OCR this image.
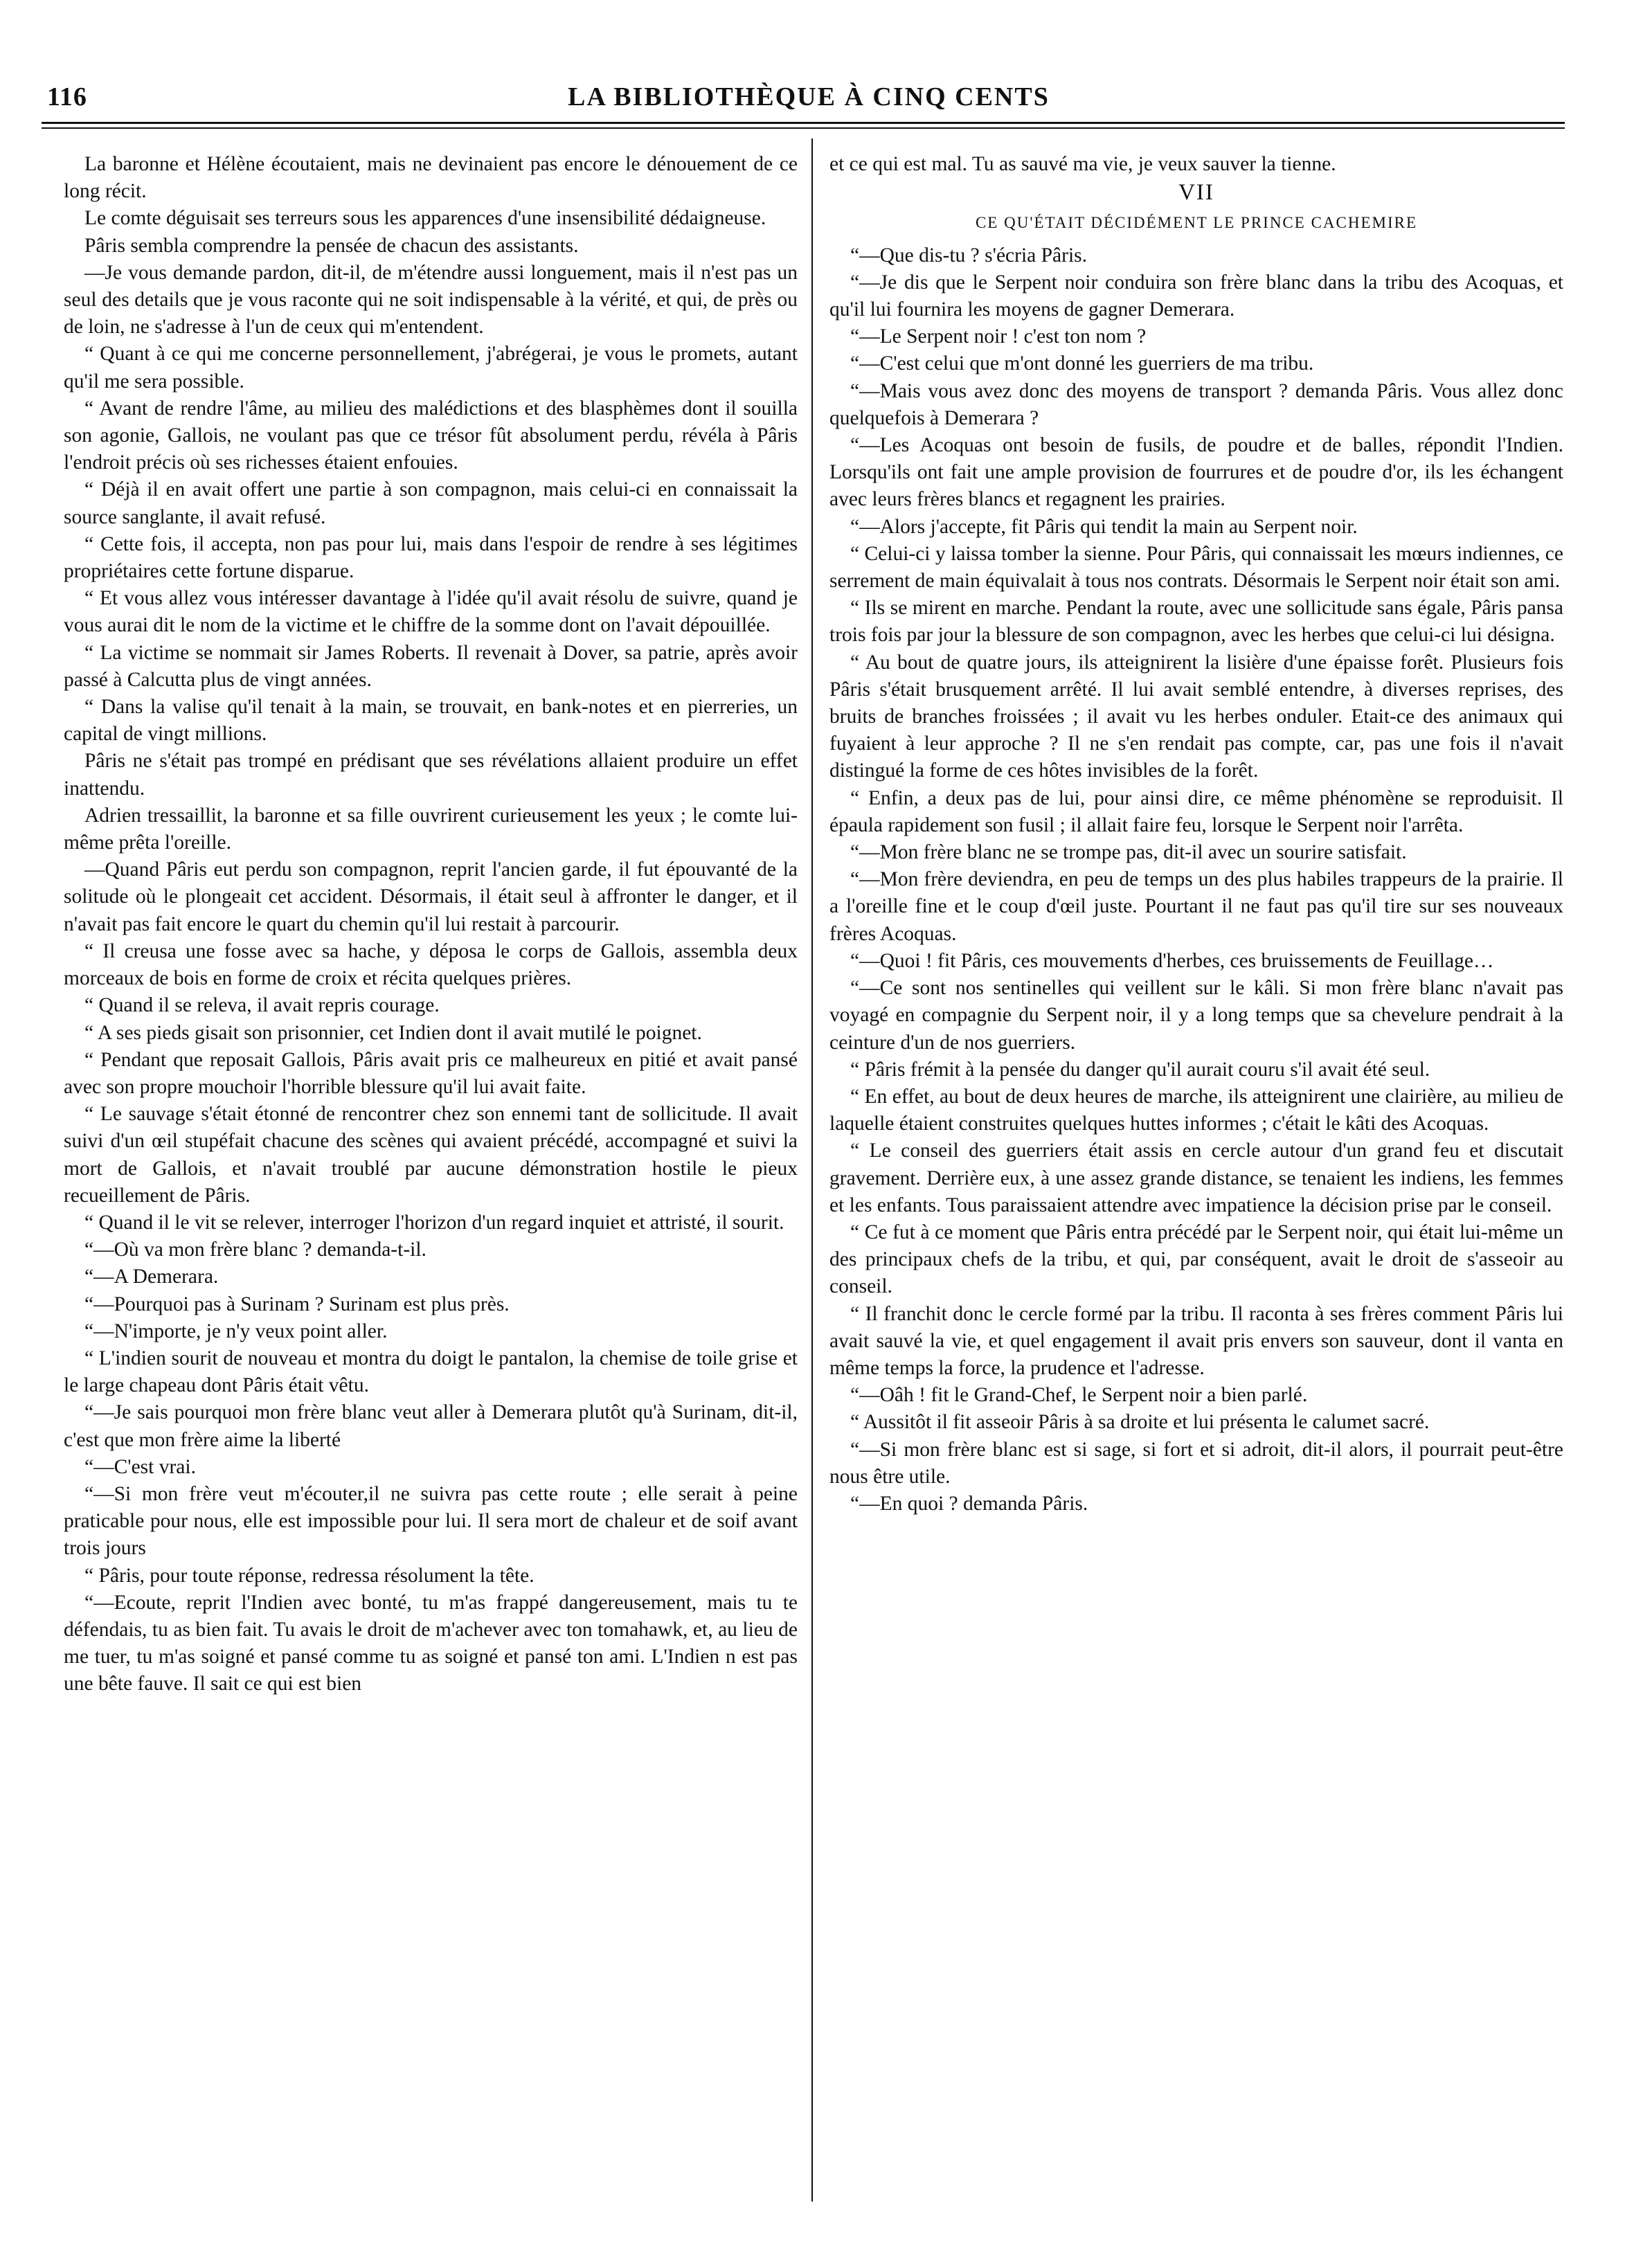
116	LA BIBLIOTHÈQUE À CINQ CENTS

La baronne et Hélène écoutaient, mais ne devinaient pas encore le dénouement de ce long récit.

Le comte déguisait ses terreurs sous les apparences d'une insensibilité dédaigneuse.

Pâris sembla comprendre la pensée de chacun des assistants.

—Je vous demande pardon, dit-il, de m'étendre aussi longuement, mais il n'est pas un seul des details que je vous raconte qui ne soit indispensable à la vérité, et qui, de près ou de loin, ne s'adresse à l'un de ceux qui m'entendent.

“ Quant à ce qui me concerne personnellement, j'abrégerai, je vous le promets, autant qu'il me sera possible.

“ Avant de rendre l'âme, au milieu des malédictions et des blasphèmes dont il souilla son agonie, Gallois, ne voulant pas que ce trésor fût absolument perdu, révéla à Pâris l'endroit précis où ses richesses étaient enfouies.

“ Déjà il en avait offert une partie à son compagnon, mais celui-ci en connaissait la source sanglante, il avait refusé.

“ Cette fois, il accepta, non pas pour lui, mais dans l'espoir de rendre à ses légitimes propriétaires cette fortune disparue.

“ Et vous allez vous intéresser davantage à l'idée qu'il avait résolu de suivre, quand je vous aurai dit le nom de la victime et le chiffre de la somme dont on l'avait dépouillée.

“ La victime se nommait sir James Roberts. Il revenait à Dover, sa patrie, après avoir passé à Calcutta plus de vingt années.

“ Dans la valise qu'il tenait à la main, se trouvait, en bank-notes et en pierreries, un capital de vingt millions.

Pâris ne s'était pas trompé en prédisant que ses révélations allaient produire un effet inattendu.

Adrien tressaillit, la baronne et sa fille ouvrirent curieusement les yeux ; le comte lui-même prêta l'oreille.

—Quand Pâris eut perdu son compagnon, reprit l'ancien garde, il fut épouvanté de la solitude où le plongeait cet accident. Désormais, il était seul à affronter le danger, et il n'avait pas fait encore le quart du chemin qu'il lui restait à parcourir.

“ Il creusa une fosse avec sa hache, y déposa le corps de Gallois, assembla deux morceaux de bois en forme de croix et récita quelques prières.

“ Quand il se releva, il avait repris courage.

“ A ses pieds gisait son prisonnier, cet Indien dont il avait mutilé le poignet.

“ Pendant que reposait Gallois, Pâris avait pris ce malheureux en pitié et avait pansé avec son propre mouchoir l'horrible blessure qu'il lui avait faite.

“ Le sauvage s'était étonné de rencontrer chez son ennemi tant de sollicitude. Il avait suivi d'un œil stupéfait chacune des scènes qui avaient précédé, accompagné et suivi la mort de Gallois, et n'avait troublé par aucune démonstration hostile le pieux recueillement de Pâris.

“ Quand il le vit se relever, interroger l'horizon d'un regard inquiet et attristé, il sourit.

“—Où va mon frère blanc ? demanda-t-il.

“—A Demerara.

“—Pourquoi pas à Surinam ? Surinam est plus près.

“—N'importe, je n'y veux point aller.

“ L'indien sourit de nouveau et montra du doigt le pantalon, la chemise de toile grise et le large chapeau dont Pâris était vêtu.

“—Je sais pourquoi mon frère blanc veut aller à Demerara plutôt qu'à Surinam, dit-il, c'est que mon frère aime la liberté

“—C'est vrai.

“—Si mon frère veut m'écouter,il ne suivra pas cette route ; elle serait à peine praticable pour nous, elle est impossible pour lui. Il sera mort de chaleur et de soif avant trois jours

“ Pâris, pour toute réponse, redressa résolument la tête.

“—Ecoute, reprit l'Indien avec bonté, tu m'as frappé dangereusement, mais tu te défendais, tu as bien fait. Tu avais le droit de m'achever avec ton tomahawk, et, au lieu de me tuer, tu m'as soigné et pansé comme tu as soigné et pansé ton ami. L'Indien n est pas une bête fauve. Il sait ce qui est bien

et ce qui est mal. Tu as sauvé ma vie, je veux sauver la tienne.

VII
CE QU'ÉTAIT DÉCIDÉMENT LE PRINCE CACHEMIRE

“—Que dis-tu ? s'écria Pâris.

“—Je dis que le Serpent noir conduira son frère blanc dans la tribu des Acoquas, et qu'il lui fournira les moyens de gagner Demerara.

“—Le Serpent noir ! c'est ton nom ?

“—C'est celui que m'ont donné les guerriers de ma tribu.

“—Mais vous avez donc des moyens de transport ? demanda Pâris. Vous allez donc quelquefois à Demerara ?

“—Les Acoquas ont besoin de fusils, de poudre et de balles, répondit l'Indien. Lorsqu'ils ont fait une ample provision de fourrures et de poudre d'or, ils les échangent avec leurs frères blancs et regagnent les prairies.

“—Alors j'accepte, fit Pâris qui tendit la main au Serpent noir.

“ Celui-ci y laissa tomber la sienne. Pour Pâris, qui connaissait les mœurs indiennes, ce serrement de main équivalait à tous nos contrats. Désormais le Serpent noir était son ami.

“ Ils se mirent en marche. Pendant la route, avec une sollicitude sans égale, Pâris pansa trois fois par jour la blessure de son compagnon, avec les herbes que celui-ci lui désigna.

“ Au bout de quatre jours, ils atteignirent la lisière d'une épaisse forêt. Plusieurs fois Pâris s'était brusquement arrêté. Il lui avait semblé entendre, à diverses reprises, des bruits de branches froissées ; il avait vu les herbes onduler. Etait-ce des animaux qui fuyaient à leur approche ? Il ne s'en rendait pas compte, car, pas une fois il n'avait distingué la forme de ces hôtes invisibles de la forêt.

“ Enfin, a deux pas de lui, pour ainsi dire, ce même phénomène se reproduisit. Il épaula rapidement son fusil ; il allait faire feu, lorsque le Serpent noir l'arrêta.

“—Mon frère blanc ne se trompe pas, dit-il avec un sourire satisfait.

“—Mon frère deviendra, en peu de temps un des plus habiles trappeurs de la prairie. Il a l'oreille fine et le coup d'œil juste. Pourtant il ne faut pas qu'il tire sur ses nouveaux frères Acoquas.

“—Quoi ! fit Pâris, ces mouvements d'herbes, ces bruissements de Feuillage…

“—Ce sont nos sentinelles qui veillent sur le kâli. Si mon frère blanc n'avait pas voyagé en compagnie du Serpent noir, il y a long temps que sa chevelure pendrait à la ceinture d'un de nos guerriers.

“ Pâris frémit à la pensée du danger qu'il aurait couru s'il avait été seul.

“ En effet, au bout de deux heures de marche, ils atteignirent une clairière, au milieu de laquelle étaient construites quelques huttes informes ; c'était le kâti des Acoquas.

“ Le conseil des guerriers était assis en cercle autour d'un grand feu et discutait gravement. Derrière eux, à une assez grande distance, se tenaient les indiens, les femmes et les enfants. Tous paraissaient attendre avec impatience la décision prise par le conseil.

“ Ce fut à ce moment que Pâris entra précédé par le Serpent noir, qui était lui-même un des principaux chefs de la tribu, et qui, par conséquent, avait le droit de s'asseoir au conseil.

“ Il franchit donc le cercle formé par la tribu. Il raconta à ses frères comment Pâris lui avait sauvé la vie, et quel engagement il avait pris envers son sauveur, dont il vanta en même temps la force, la prudence et l'adresse.

“—Oâh ! fit le Grand-Chef, le Serpent noir a bien parlé.

“ Aussitôt il fit asseoir Pâris à sa droite et lui présenta le calumet sacré.

“—Si mon frère blanc est si sage, si fort et si adroit, dit-il alors, il pourrait peut-être nous être utile.

“—En quoi ? demanda Pâris.
